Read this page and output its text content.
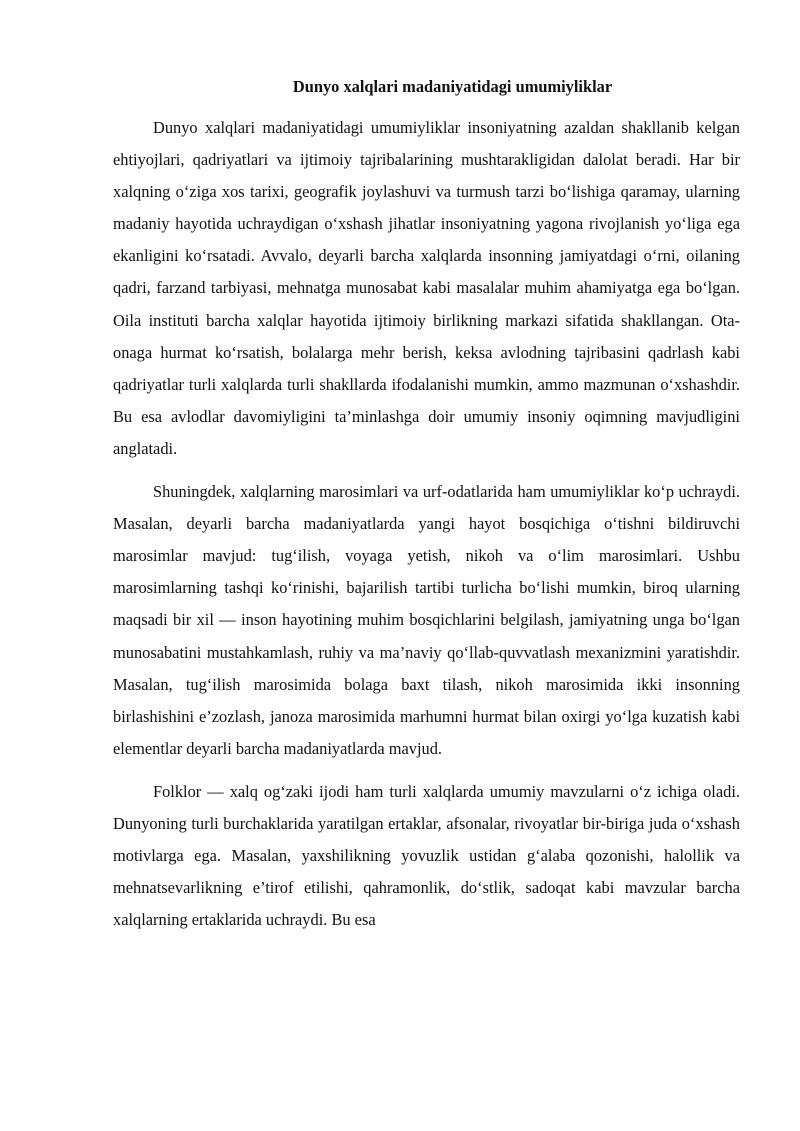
Dunyo xalqlari madaniyatidagi umumiyliklar

Dunyo xalqlari madaniyatidagi umumiyliklar insoniyatning azaldan shakllanib kelgan ehtiyojlari, qadriyatlari va ijtimoiy tajribalarining mushtarakligidan dalolat beradi. Har bir xalqning o‘ziga xos tarixi, geografik joylashuvi va turmush tarzi bo‘lishiga qaramay, ularning madaniy hayotida uchraydigan o‘xshash jihatlar insoniyatning yagona rivojlanish yo‘liga ega ekanligini ko‘rsatadi. Avvalo, deyarli barcha xalqlarda insonning jamiyatdagi o‘rni, oilaning qadri, farzand tarbiyasi, mehnatga munosabat kabi masalalar muhim ahamiyatga ega bo‘lgan. Oila instituti barcha xalqlar hayotida ijtimoiy birlikning markazi sifatida shakllangan. Ota-onaga hurmat ko‘rsatish, bolalarga mehr berish, keksa avlodning tajribasini qadrlash kabi qadriyatlar turli xalqlarda turli shakllarda ifodalanishi mumkin, ammo mazmunan o‘xshashdir. Bu esa avlodlar davomiyligini ta’minlashga doir umumiy insoniy oqimning mavjudligini anglatadi.

Shuningdek, xalqlarning marosimlari va urf-odatlarida ham umumiyliklar ko‘p uchraydi. Masalan, deyarli barcha madaniyatlarda yangi hayot bosqichiga o‘tishni bildiruvchi marosimlar mavjud: tug‘ilish, voyaga yetish, nikoh va o‘lim marosimlari. Ushbu marosimlarning tashqi ko‘rinishi, bajarilish tartibi turlicha bo‘lishi mumkin, biroq ularning maqsadi bir xil — inson hayotining muhim bosqichlarini belgilash, jamiyatning unga bo‘lgan munosabatini mustahkamlash, ruhiy va ma’naviy qo‘llab-quvvatlash mexanizmini yaratishdir. Masalan, tug‘ilish marosimida bolaga baxt tilash, nikoh marosimida ikki insonning birlashishini e’zozlash, janoza marosimida marhumni hurmat bilan oxirgi yo‘lga kuzatish kabi elementlar deyarli barcha madaniyatlarda mavjud.

Folklor — xalq og‘zaki ijodi ham turli xalqlarda umumiy mavzularni o‘z ichiga oladi. Dunyoning turli burchaklarida yaratilgan ertaklar, afsonalar, rivoyatlar bir-biriga juda o‘xshash motivlarga ega. Masalan, yaxshilikning yovuzlik ustidan g‘alaba qozonishi, halollik va mehnatsevarlikning e’tirof etilishi, qahramonlik, do‘stlik, sadoqat kabi mavzular barcha xalqlarning ertaklarida uchraydi. Bu esa
